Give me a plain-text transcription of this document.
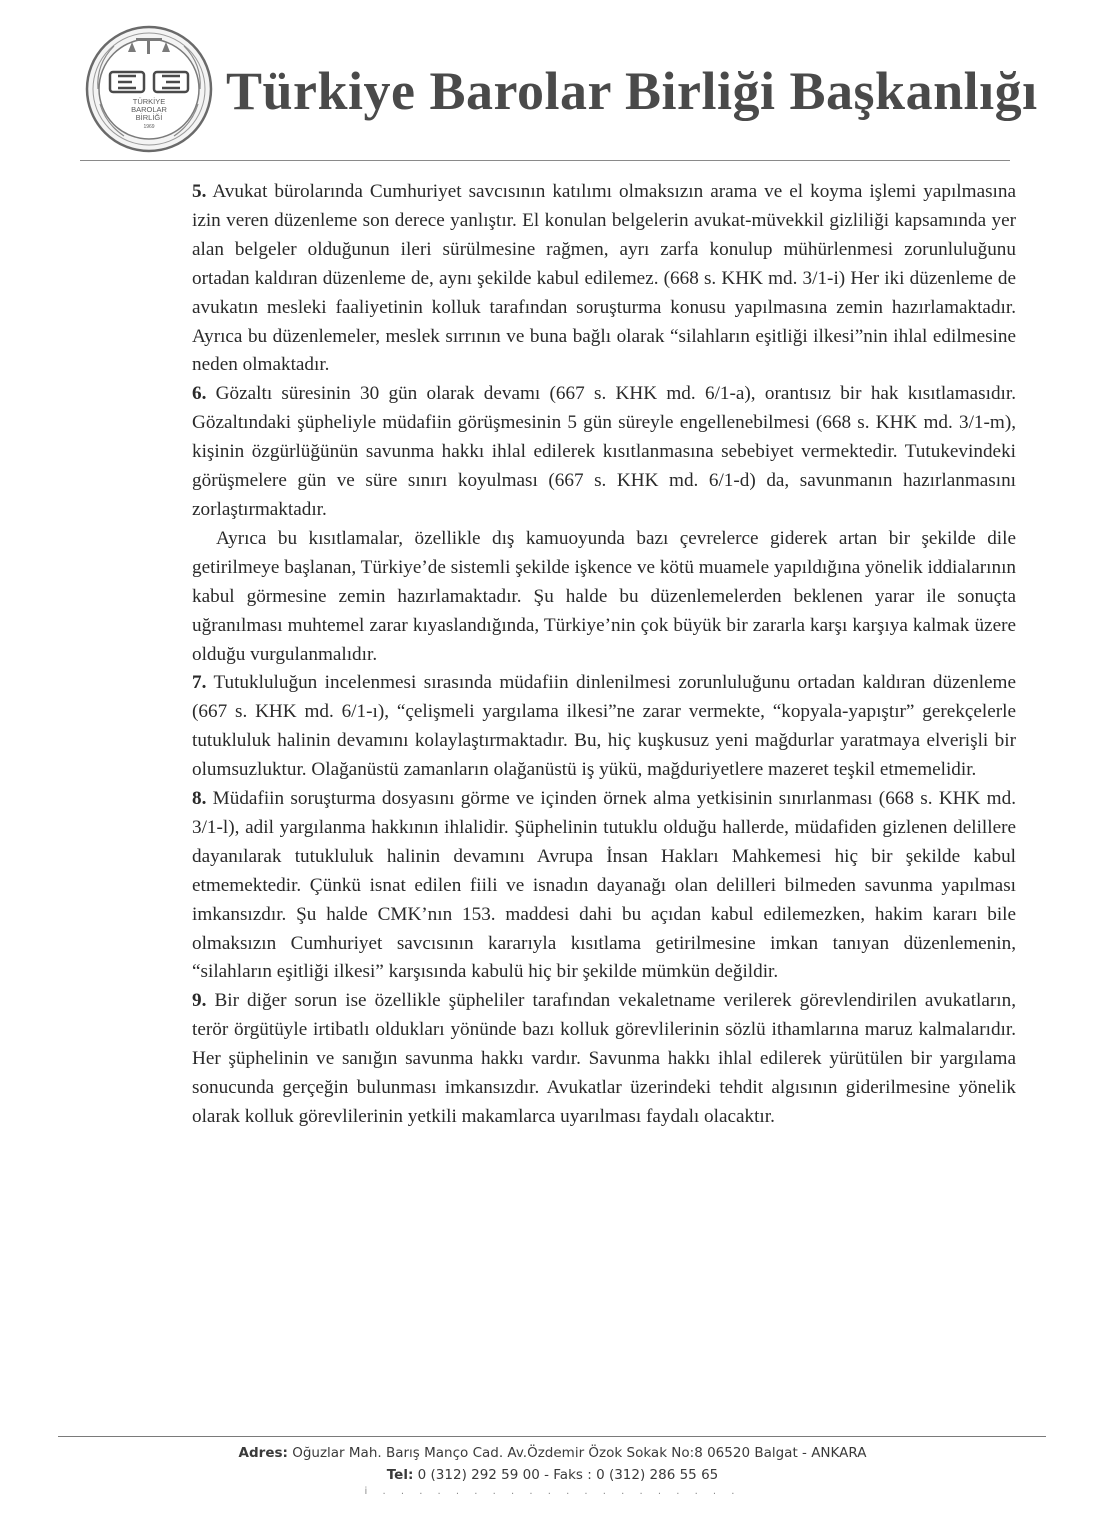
TÜRKİYE
BAROLAR
BİRLİĞİ
1969
Türkiye Barolar Birliği Başkanlığı

5. Avukat bürolarında Cumhuriyet savcısının katılımı olmaksızın arama ve el koyma işlemi yapılmasına izin veren düzenleme son derece yanlıştır. El konulan belgelerin avukat-müvekkil gizliliği kapsamında yer alan belgeler olduğunun ileri sürülmesine rağmen, ayrı zarfa konulup mühürlenmesi zorunluluğunu ortadan kaldıran düzenleme de, aynı şekilde kabul edilemez. (668 s. KHK md. 3/1-i) Her iki düzenleme de avukatın mesleki faaliyetinin kolluk tarafından soruşturma konusu yapılmasına zemin hazırlamaktadır. Ayrıca bu düzenlemeler, meslek sırrının ve buna bağlı olarak “silahların eşitliği ilkesi”nin ihlal edilmesine neden olmaktadır.

6. Gözaltı süresinin 30 gün olarak devamı (667 s. KHK md. 6/1-a), orantısız bir hak kısıtlamasıdır. Gözaltındaki şüpheliyle müdafiin görüşmesinin 5 gün süreyle engellenebilmesi (668 s. KHK md. 3/1-m), kişinin özgürlüğünün savunma hakkı ihlal edilerek kısıtlanmasına sebebiyet vermektedir. Tutukevindeki görüşmelere gün ve süre sınırı koyulması (667 s. KHK md. 6/1-d) da, savunmanın hazırlanmasını zorlaştırmaktadır.

Ayrıca bu kısıtlamalar, özellikle dış kamuoyunda bazı çevrelerce giderek artan bir şekilde dile getirilmeye başlanan, Türkiye’de sistemli şekilde işkence ve kötü muamele yapıldığına yönelik iddialarının kabul görmesine zemin hazırlamaktadır. Şu halde bu düzenlemelerden beklenen yarar ile sonuçta uğranılması muhtemel zarar kıyaslandığında, Türkiye’nin çok büyük bir zararla karşı karşıya kalmak üzere olduğu vurgulanmalıdır.

7. Tutukluluğun incelenmesi sırasında müdafiin dinlenilmesi zorunluluğunu ortadan kaldıran düzenleme (667 s. KHK md. 6/1-ı), “çelişmeli yargılama ilkesi”ne zarar vermekte, “kopyala-yapıştır” gerekçelerle tutukluluk halinin devamını kolaylaştırmaktadır. Bu, hiç kuşkusuz yeni mağdurlar yaratmaya elverişli bir olumsuzluktur. Olağanüstü zamanların olağanüstü iş yükü, mağduriyetlere mazeret teşkil etmemelidir.

8. Müdafiin soruşturma dosyasını görme ve içinden örnek alma yetkisinin sınırlanması (668 s. KHK md. 3/1-l), adil yargılanma hakkının ihlalidir. Şüphelinin tutuklu olduğu hallerde, müdafiden gizlenen delillere dayanılarak tutukluluk halinin devamını Avrupa İnsan Hakları Mahkemesi hiç bir şekilde kabul etmemektedir. Çünkü isnat edilen fiili ve isnadın dayanağı olan delilleri bilmeden savunma yapılması imkansızdır. Şu halde CMK’nın 153. maddesi dahi bu açıdan kabul edilemezken, hakim kararı bile olmaksızın Cumhuriyet savcısının kararıyla kısıtlama getirilmesine imkan tanıyan düzenlemenin, “silahların eşitliği ilkesi” karşısında kabulü hiç bir şekilde mümkün değildir.

9. Bir diğer sorun ise özellikle şüpheliler tarafından vekaletname verilerek görevlendirilen avukatların, terör örgütüyle irtibatlı oldukları yönünde bazı kolluk görevlilerinin sözlü ithamlarına maruz kalmalarıdır. Her şüphelinin ve sanığın savunma hakkı vardır. Savunma hakkı ihlal edilerek yürütülen bir yargılama sonucunda gerçeğin bulunması imkansızdır. Avukatlar üzerindeki tehdit algısının giderilmesine yönelik olarak kolluk görevlilerinin yetkili makamlarca uyarılması faydalı olacaktır.

Adres: Oğuzlar Mah. Barış Manço Cad. Av.Özdemir Özok Sokak No:8 06520 Balgat - ANKARA
Tel: 0 (312) 292 59 00 - Faks : 0 (312) 286 55 65
i . . . . . . . . . . . . . . . . . . . .
